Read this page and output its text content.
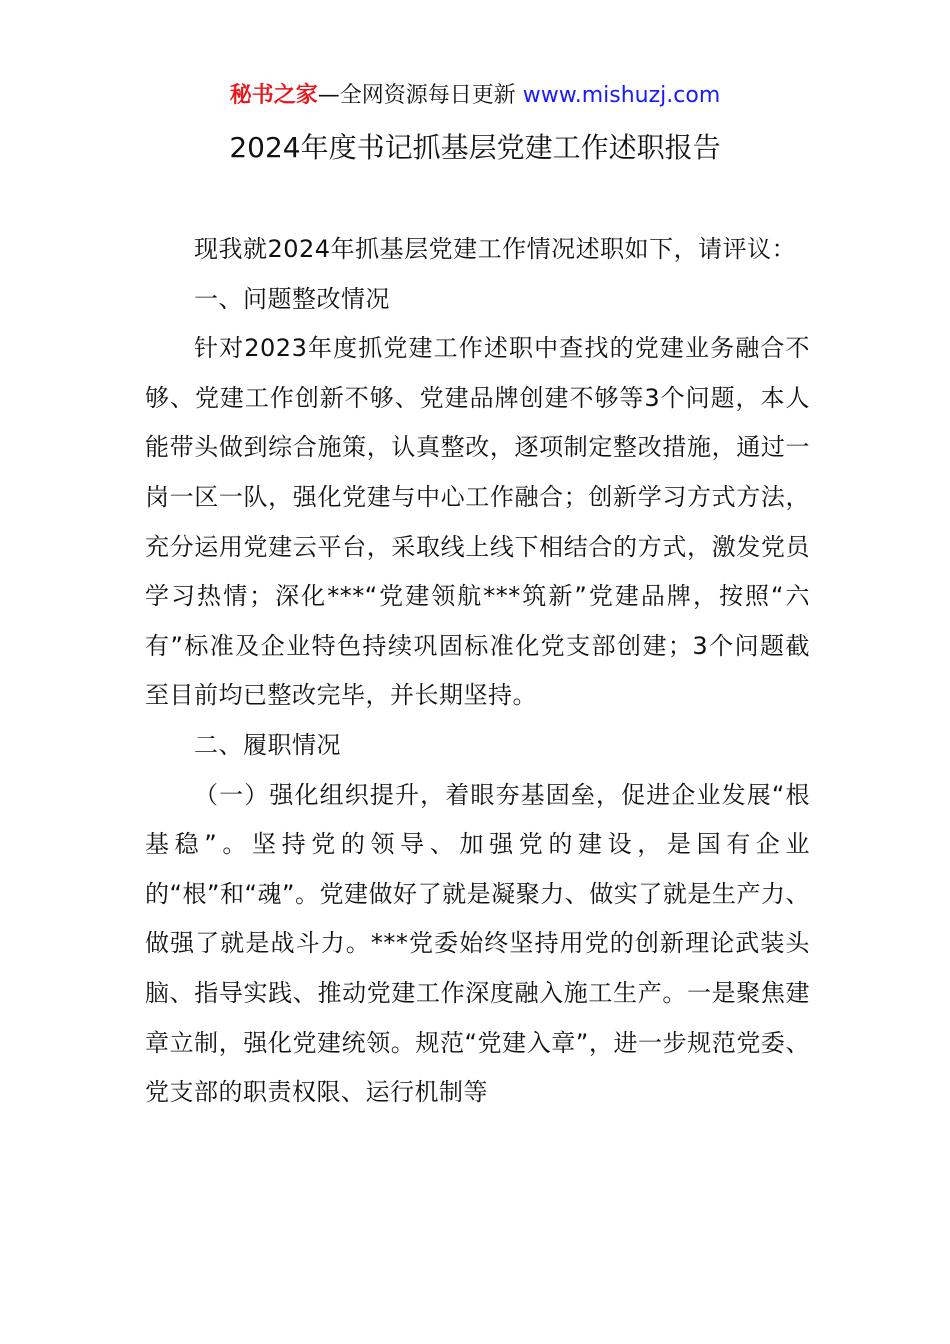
秘书之家—全网资源每日更新 www.mishuzj.com
2024年度书记抓基层党建工作述职报告

现我就2024年抓基层党建工作情况述职如下，请评议：

一、问题整改情况

针对2023年度抓党建工作述职中查找的党建业务融合不够、党建工作创新不够、党建品牌创建不够等3个问题，本人能带头做到综合施策，认真整改，逐项制定整改措施，通过一岗一区一队，强化党建与中心工作融合；创新学习方式方法，充分运用党建云平台，采取线上线下相结合的方式，激发党员学习热情；深化***“党建领航***筑新”党建品牌，按照“六有”标准及企业特色持续巩固标准化党支部创建；3个问题截至目前均已整改完毕，并长期坚持。

二、履职情况

（一）强化组织提升，着眼夯基固垒，促进企业发展“根基稳”。坚持党的领导、加强党的建设，是国有企业的“根”和“魂”。党建做好了就是凝聚力、做实了就是生产力、做强了就是战斗力。***党委始终坚持用党的创新理论武装头脑、指导实践、推动党建工作深度融入施工生产。一是聚焦建章立制，强化党建统领。规范“党建入章”，进一步规范党委、党支部的职责权限、运行机制等
